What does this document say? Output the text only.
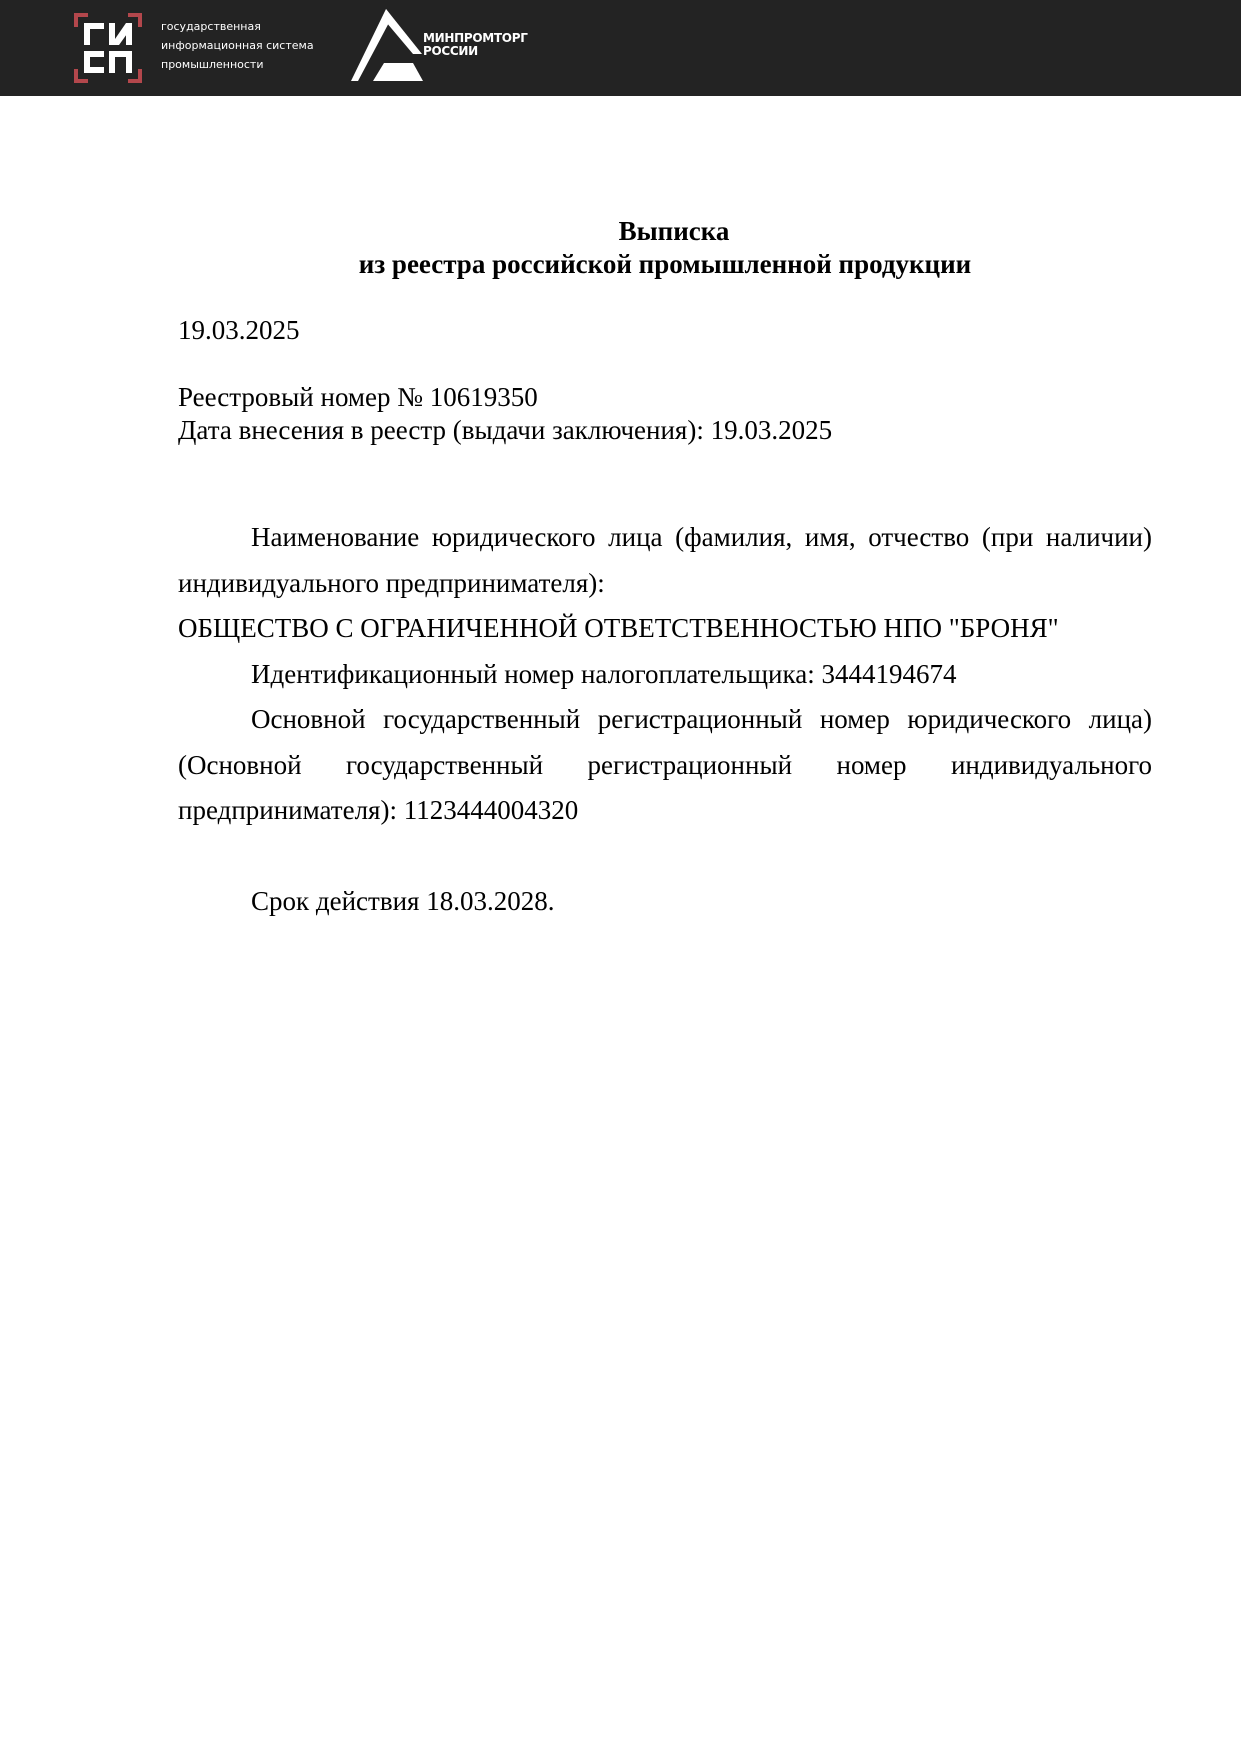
государственная
информационная система
промышленности
МИНПРОМТОРГ
РОССИИ
Выписка
из реестра российской промышленной продукции
19.03.2025
Реестровый номер № 10619350
Дата внесения в реестр (выдачи заключения): 19.03.2025

Наименование юридического лица (фамилия, имя, отчество (при наличии) индивидуального предпринимателя):

ОБЩЕСТВО С ОГРАНИЧЕННОЙ ОТВЕТСТВЕННОСТЬЮ НПО "БРОНЯ"

Идентификационный номер налогоплательщика: 3444194674

Основной государственный регистрационный номер юридического лица) (Основной государственный регистрационный номер индивидуального предпринимателя): 1123444004320

Срок действия 18.03.2028.
